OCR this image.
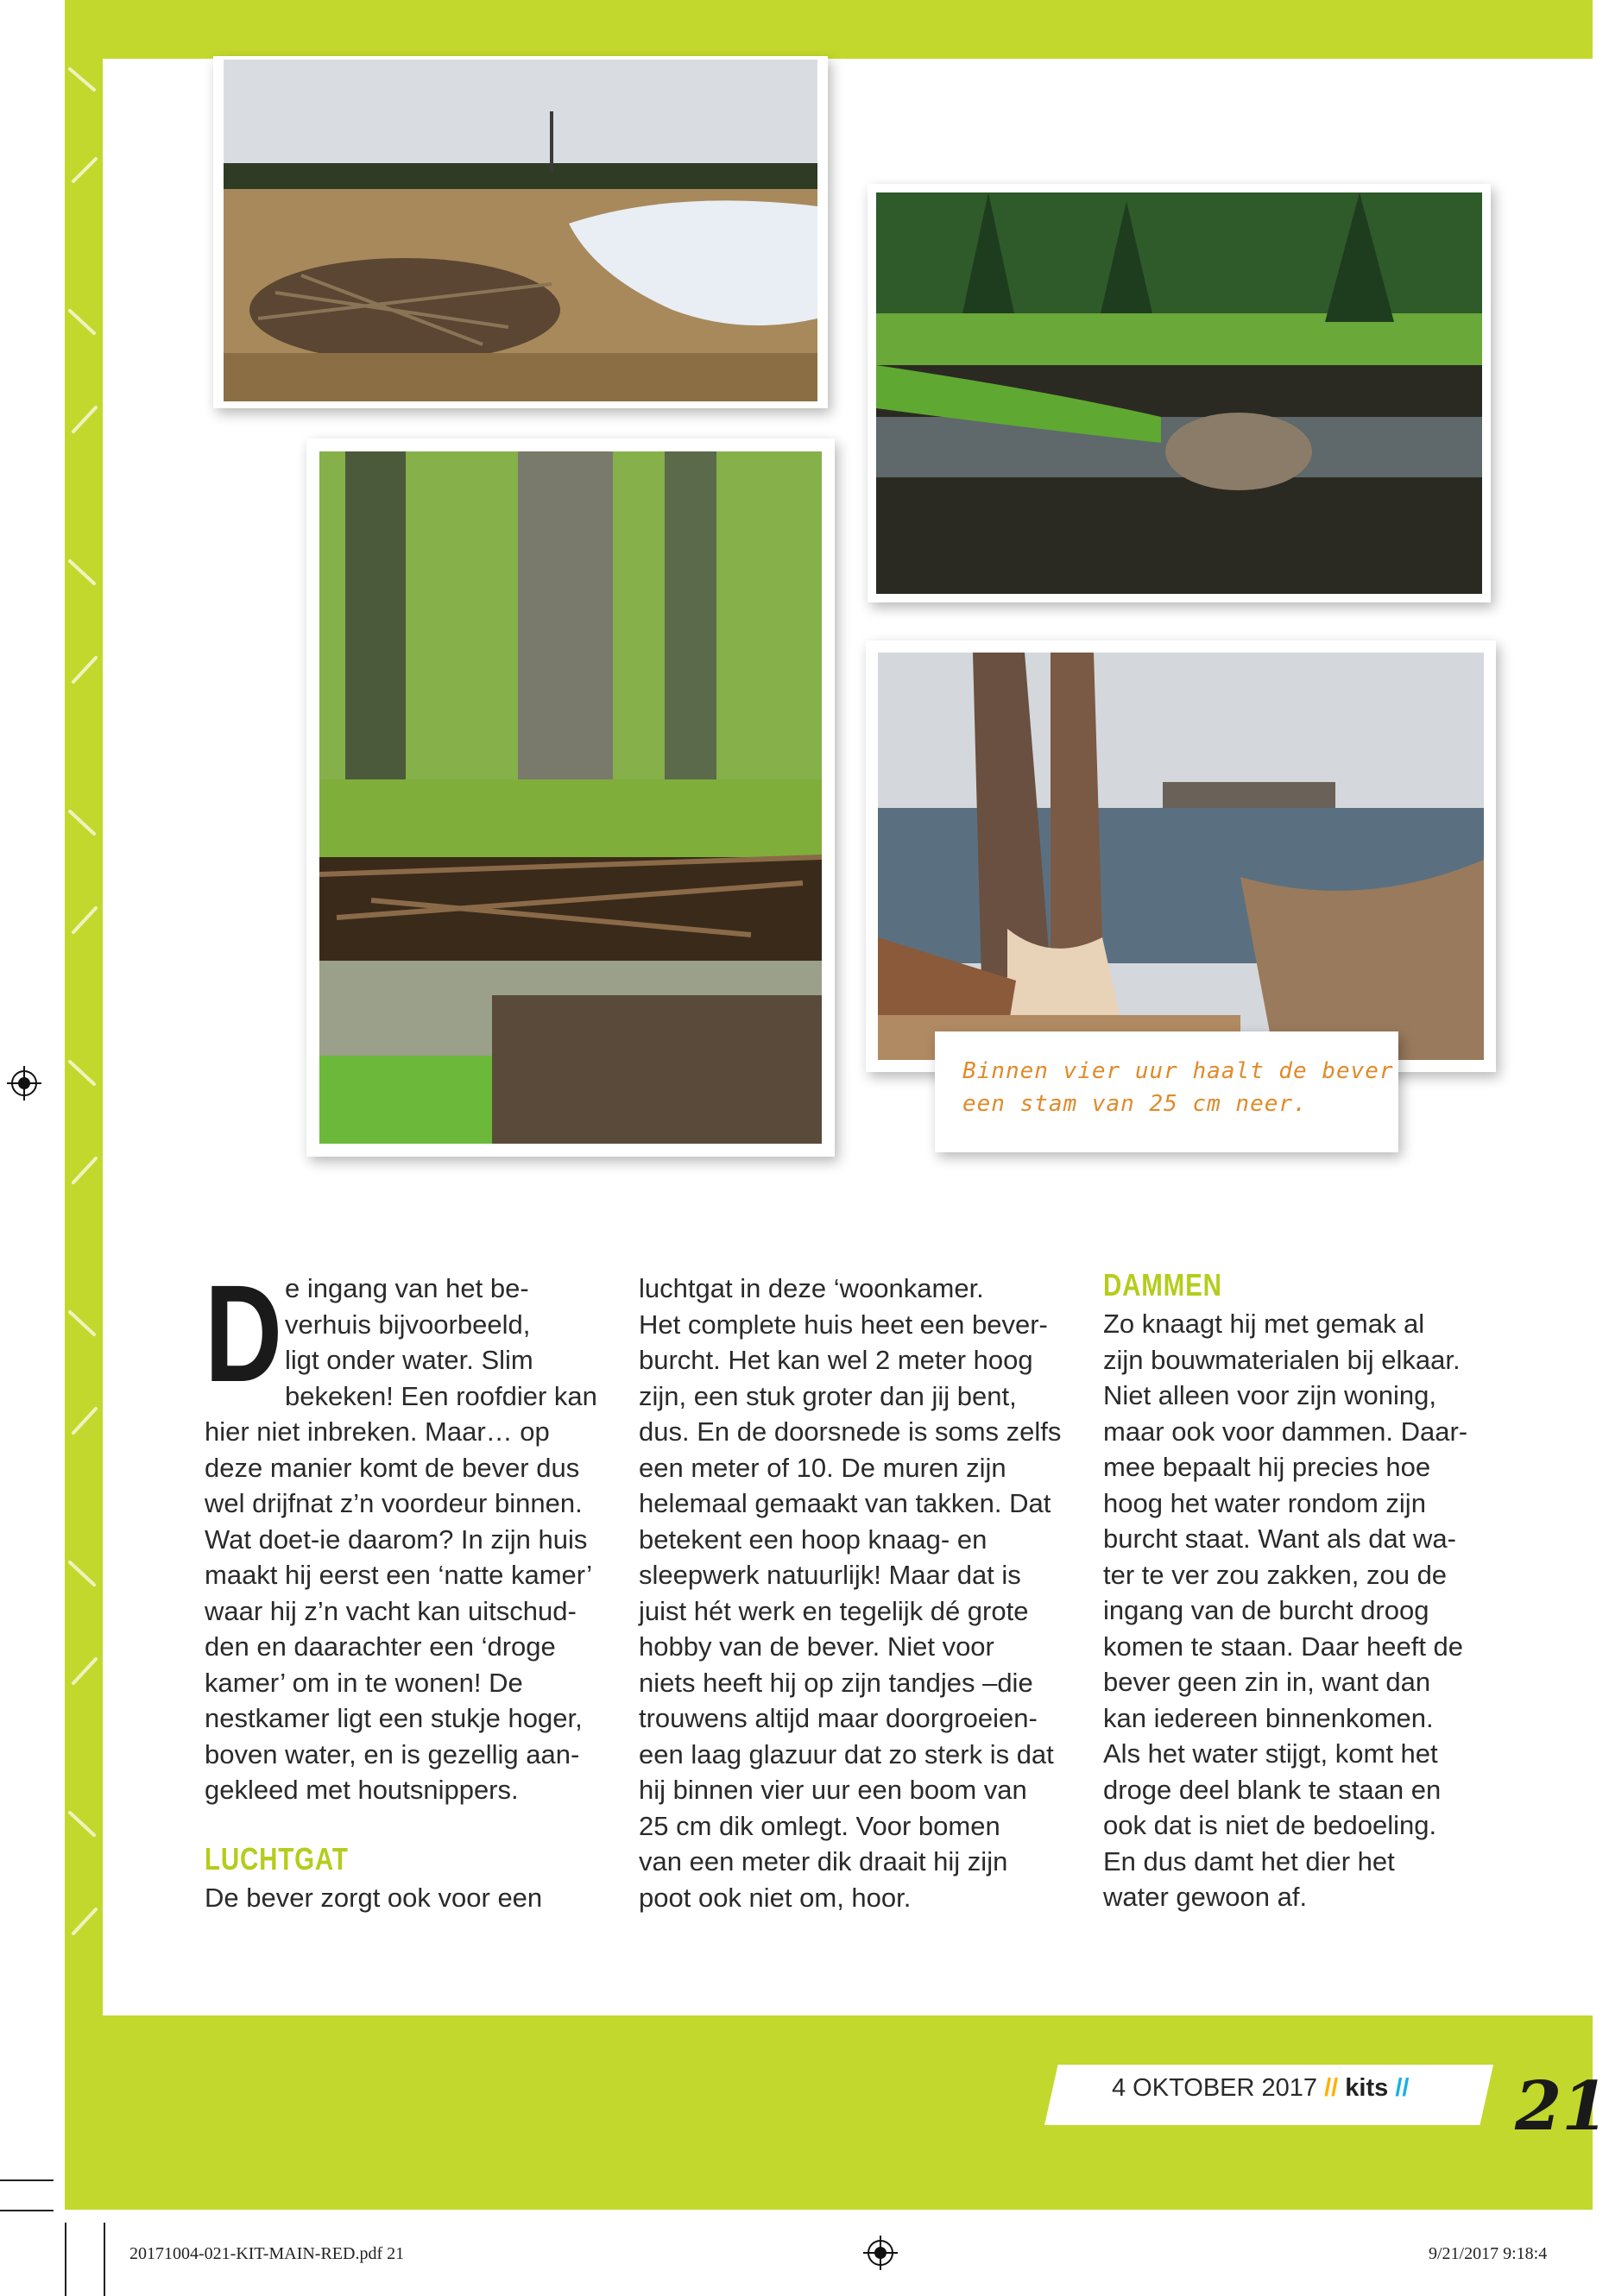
Binnen vier uur haalt de bever
een stam van 25 cm neer.
D e ingang van het be-

verhuis bijvoorbeeld,

ligt onder water. Slim

bekeken! Een roofdier kan

hier niet inbreken. Maar… op

deze manier komt de bever dus

wel drijfnat z’n voordeur binnen.

Wat doet-ie daarom? In zijn huis

maakt hij eerst een ‘natte kamer’

waar hij z’n vacht kan uitschud-

den en daarachter een ‘droge

kamer’ om in te wonen! De

nestkamer ligt een stukje hoger,

boven water, en is gezellig aan-

gekleed met houtsnippers.

LUCHTGAT

De bever zorgt ook voor een

luchtgat in deze ‘woonkamer.

Het complete huis heet een bever-

burcht. Het kan wel 2 meter hoog

zijn, een stuk groter dan jij bent,

dus. En de doorsnede is soms zelfs

een meter of 10. De muren zijn

helemaal gemaakt van takken. Dat

betekent een hoop knaag- en

sleepwerk natuurlijk! Maar dat is

juist hét werk en tegelijk dé grote

hobby van de bever. Niet voor

niets heeft hij op zijn tandjes –die

trouwens altijd maar doorgroeien-

een laag glazuur dat zo sterk is dat

hij binnen vier uur een boom van

25 cm dik omlegt. Voor bomen

van een meter dik draait hij zijn

poot ook niet om, hoor.

DAMMEN

Zo knaagt hij met gemak al

zijn bouwmaterialen bij elkaar.

Niet alleen voor zijn woning,

maar ook voor dammen. Daar-

mee bepaalt hij precies hoe

hoog het water rondom zijn

burcht staat. Want als dat wa-

ter te ver zou zakken, zou de

ingang van de burcht droog

komen te staan. Daar heeft de

bever geen zin in, want dan

kan iedereen binnenkomen.

Als het water stijgt, komt het

droge deel blank te staan en

ook dat is niet de bedoeling.

En dus damt het dier het

water gewoon af.

4 OKTOBER 2017 // kits // 21
20171004-021-KIT-MAIN-RED.pdf 21	9/21/2017 9:18:4
